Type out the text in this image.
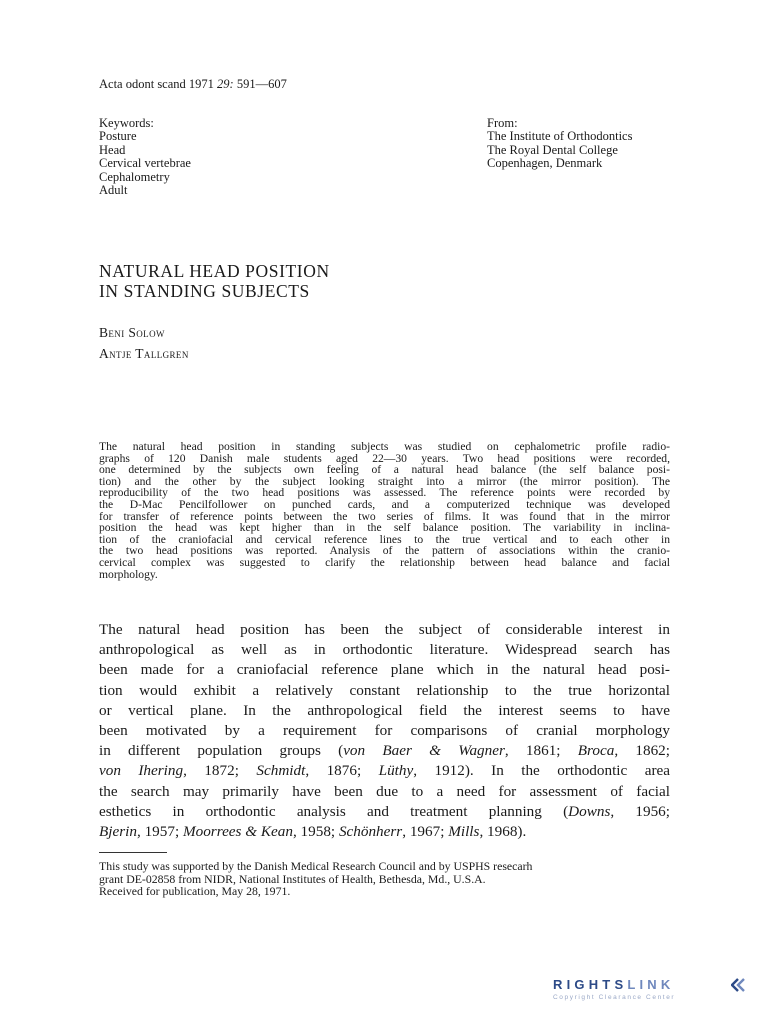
Acta odont scand 1971 29: 591—607
Keywords:
Posture
Head
Cervical vertebrae
Cephalometry
Adult
From:
The Institute of Orthodontics
The Royal Dental College
Copenhagen, Denmark
NATURAL HEAD POSITION
IN STANDING SUBJECTS
Beni Solow
Antje Tallgren
The natural head position in standing subjects was studied on cephalometric profile radio-
graphs of 120 Danish male students aged 22—30 years. Two head positions were recorded,
one determined by the subjects own feeling of a natural head balance (the self balance posi-
tion) and the other by the subject looking straight into a mirror (the mirror position). The
reproducibility of the two head positions was assessed. The reference points were recorded by
the D-Mac Pencilfollower on punched cards, and a computerized technique was developed
for transfer of reference points between the two series of films. It was found that in the mirror
position the head was kept higher than in the self balance position. The variability in inclina-
tion of the craniofacial and cervical reference lines to the true vertical and to each other in
the two head positions was reported. Analysis of the pattern of associations within the cranio-
cervical complex was suggested to clarify the relationship between head balance and facial
morphology.
The natural head position has been the subject of considerable interest in
anthropological as well as in orthodontic literature. Widespread search has
been made for a craniofacial reference plane which in the natural head posi-
tion would exhibit a relatively constant relationship to the true horizontal
or vertical plane. In the anthropological field the interest seems to have
been motivated by a requirement for comparisons of cranial morphology
in different population groups (von Baer & Wagner, 1861; Broca, 1862;
von Ihering, 1872; Schmidt, 1876; Lüthy, 1912). In the orthodontic area
the search may primarily have been due to a need for assessment of facial
esthetics in orthodontic analysis and treatment planning (Downs, 1956;
Bjerin, 1957; Moorrees & Kean, 1958; Schönherr, 1967; Mills, 1968).
This study was supported by the Danish Medical Research Council and by USPHS resecarh
grant DE-02858 from NIDR, National Institutes of Health, Bethesda, Md., U.S.A.
Received for publication, May 28, 1971.
RIGHTSLINK
Copyright Clearance Center
